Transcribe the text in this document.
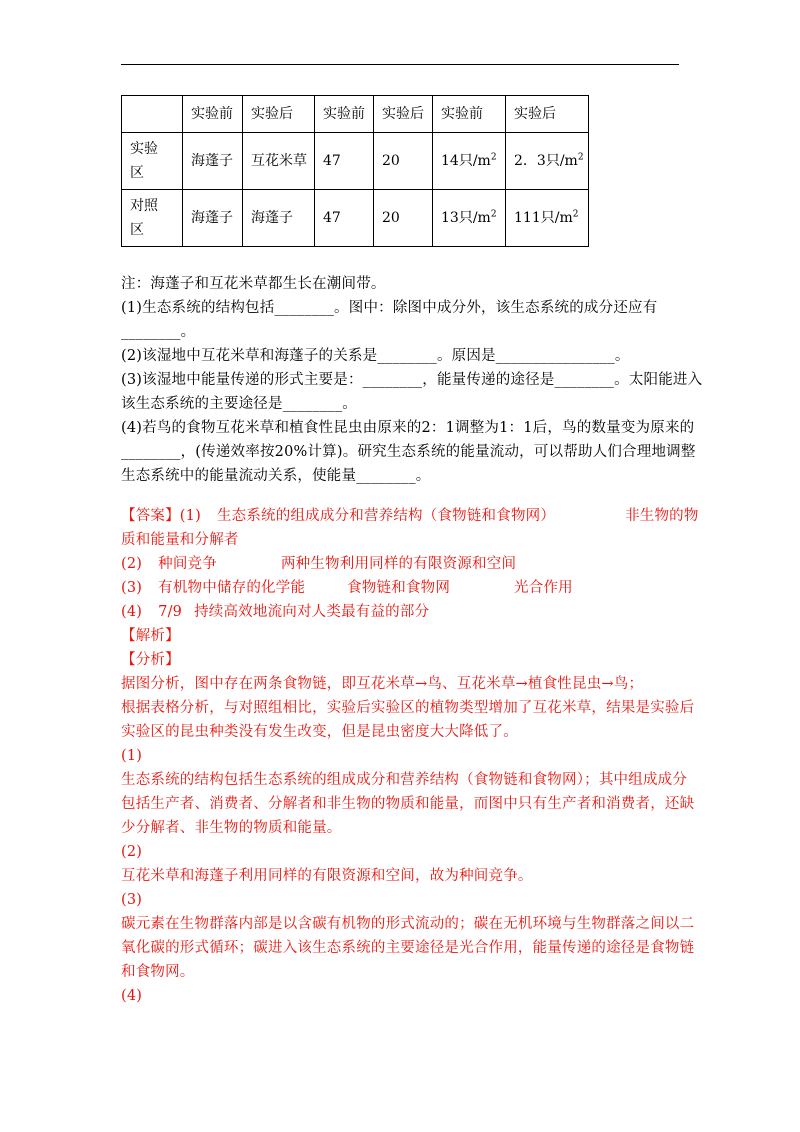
	实验前	实验后	实验前	实验后	实验前	实验后

实验
区	海蓬子	互花米草	47	20	14只$/m^2$	2．3只$/m^2$

对照
区	海蓬子	海蓬子	47	20	13只$/m^2$	111只$/m^2$
注：海蓬子和互花米草都生长在潮间带。
(1)生态系统的结构包括________。图中：除图中成分外，该生态系统的成分还应有
________。
(2)该湿地中互花米草和海蓬子的关系是________。原因是________________。
(3)该湿地中能量传递的形式主要是：________，能量传递的途径是________。太阳能进入
该生态系统的主要途径是________。
(4)若鸟的食物互花米草和植食性昆虫由原来的2：1调整为1：1后，鸟的数量变为原来的
________，(传递效率按20%计算)。研究生态系统的能量流动，可以帮助人们合理地调整
生态系统中的能量流动关系，使能量________。
【答案】(1) 生态系统的组成成分和营养结构（食物链和食物网）	非生物的物
质和能量和分解者
(2) 种间竞争	两种生物利用同样的有限资源和空间
(3) 有机物中储存的化学能	食物链和食物网	光合作用
(4) 7/9 持续高效地流向对人类最有益的部分
【解析】
【分析】
据图分析，图中存在两条食物链，即互花米草→鸟、互花米草→植食性昆虫→鸟；
根据表格分析，与对照组相比，实验后实验区的植物类型增加了互花米草，结果是实验后
实验区的昆虫种类没有发生改变，但是昆虫密度大大降低了。
(1)
生态系统的结构包括生态系统的组成成分和营养结构（食物链和食物网）；其中组成成分
包括生产者、消费者、分解者和非生物的物质和能量，而图中只有生产者和消费者，还缺
少分解者、非生物的物质和能量。
(2)
互花米草和海蓬子利用同样的有限资源和空间，故为种间竞争。
(3)
碳元素在生物群落内部是以含碳有机物的形式流动的；碳在无机环境与生物群落之间以二
氧化碳的形式循环；碳进入该生态系统的主要途径是光合作用，能量传递的途径是食物链
和食物网。
(4)
